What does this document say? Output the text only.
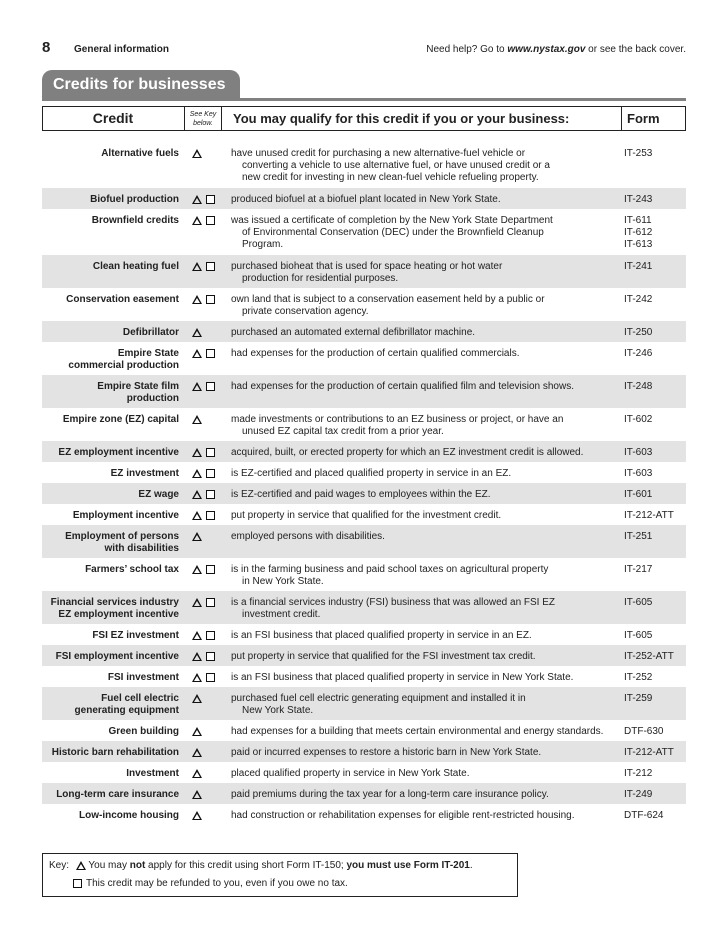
8 General information	Need help? Go to www.nystax.gov or see the back cover.
Credits for businesses
Credit	See Key
below.	You may qualify for this credit if you or your business:	Form
Alternative fuels	have unused credit for purchasing a new alternative-fuel vehicle or
converting a vehicle to use alternative fuel, or have unused credit or a
new credit for investing in new clean-fuel vehicle refueling property.
IT-253
Biofuel production	produced biofuel at a biofuel plant located in New York State.	IT-243
Brownfield credits	was issued a certificate of completion by the New York State Department
of Environmental Conservation (DEC) under the Brownfield Cleanup
Program.
IT-611
IT-612
IT-613
Clean heating fuel	purchased bioheat that is used for space heating or hot water
production for residential purposes.
IT-241
Conservation easement	own land that is subject to a conservation easement held by a public or
private conservation agency.
IT-242
Defibrillator	purchased an automated external defibrillator machine.	IT-250
Empire State
commercial production
had expenses for the production of certain qualified commercials.	IT-246
Empire State film
production
had expenses for the production of certain qualified film and television shows.	IT-248
Empire zone (EZ) capital	made investments or contributions to an EZ business or project, or have an
unused EZ capital tax credit from a prior year.
IT-602
EZ employment incentive	acquired, built, or erected property for which an EZ investment credit is allowed.	IT-603
EZ investment	is EZ-certified and placed qualified property in service in an EZ.	IT-603
EZ wage	is EZ-certified and paid wages to employees within the EZ.	IT-601
Employment incentive	put property in service that qualified for the investment credit.	IT-212-ATT
Employment of persons
with disabilities
employed persons with disabilities.	IT-251
Farmers’ school tax	is in the farming business and paid school taxes on agricultural property
in New York State.
IT-217
Financial services industry
EZ employment incentive
is a financial services industry (FSI) business that was allowed an FSI EZ
investment credit.
IT-605
FSI EZ investment	is an FSI business that placed qualified property in service in an EZ.	IT-605
FSI employment incentive	put property in service that qualified for the FSI investment tax credit.	IT-252-ATT
FSI investment	is an FSI business that placed qualified property in service in New York State.	IT-252
Fuel cell electric
generating equipment
purchased fuel cell electric generating equipment and installed it in
New York State.
IT-259
Green building	had expenses for a building that meets certain environmental and energy standards.	DTF-630
Historic barn rehabilitation	paid or incurred expenses to restore a historic barn in New York State.	IT-212-ATT
Investment	placed qualified property in service in New York State.	IT-212
Long-term care insurance	paid premiums during the tax year for a long-term care insurance policy.	IT-249
Low-income housing	had construction or rehabilitation expenses for eligible rent-restricted housing.	DTF-624
Key: You may not apply for this credit using short Form IT-150; you must use Form IT-201.
This credit may be refunded to you, even if you owe no tax.
